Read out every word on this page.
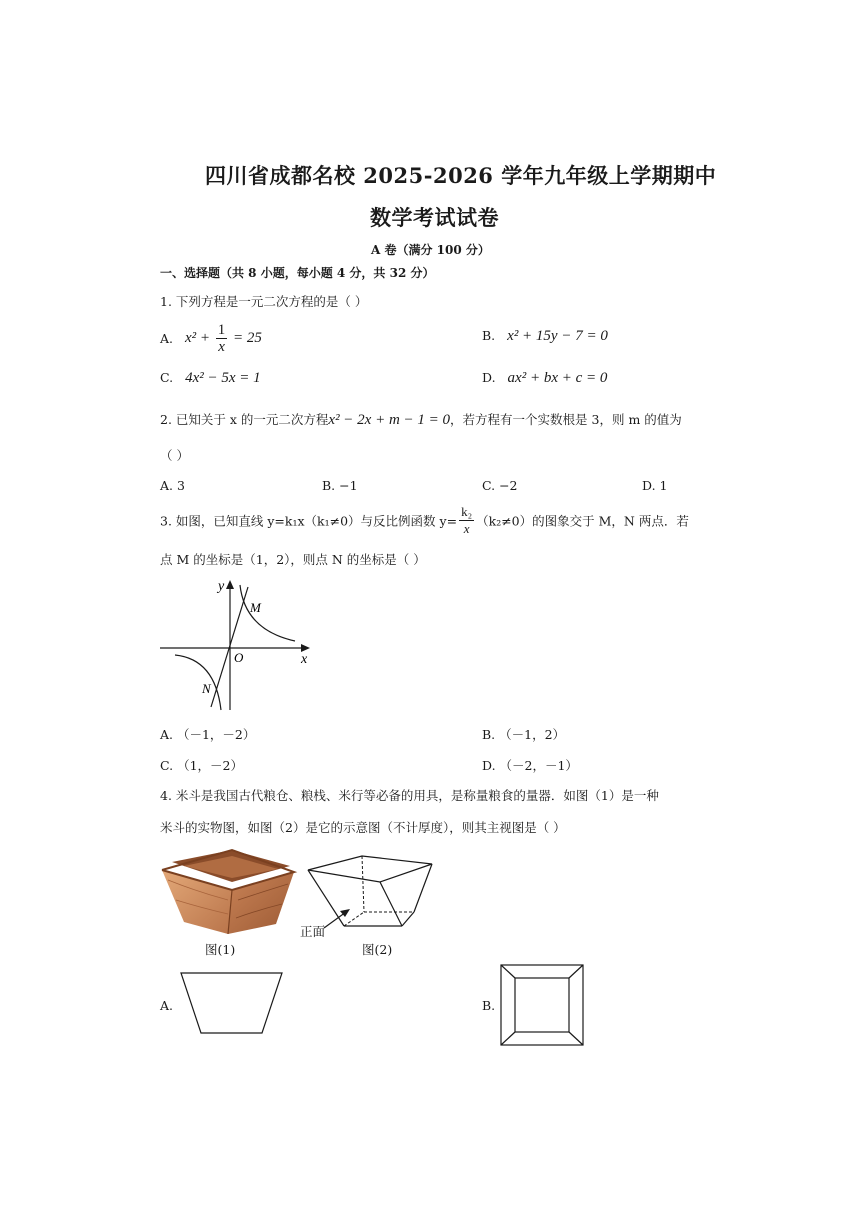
四川省成都名校 2025-2026 学年九年级上学期期中
数学考试试卷
A 卷（满分 100 分）
一、选择题（共 8 小题，每小题 4 分，共 32 分）
1. 下列方程是一元二次方程的是（ ）
A. $x^2 + \frac{1}{x} = 25$	B. x² + 15y − 7 = 0
C. 4x² − 5x = 1	D. ax² + bx + c = 0
2. 已知关于 x 的一元二次方程x² − 2x + m − 1 = 0，若方程有一个实数根是 3，则 m 的值为
（ ）
A. 3	B. −1	C. −2	D. 1
3. 如图，已知直线 y=k₁x（k₁≠0）与反比例函数 $y= \frac{\text{k₂}}{x} (k_2\ne 0)$的图象交于 M，N 两点．若
点 M 的坐标是（1，2），则点 N 的坐标是（ ）
y
x
O
M
N
A. （－1，－2）	B. （－1，2）
C. （1，－2）	D. （－2，－1）
4. 米斗是我国古代粮仓、粮栈、米行等必备的用具，是称量粮食的量器．如图（1）是一种
米斗的实物图，如图（2）是它的示意图（不计厚度），则其主视图是（ ）
图(1)
正面
图(2)
A.	B.
